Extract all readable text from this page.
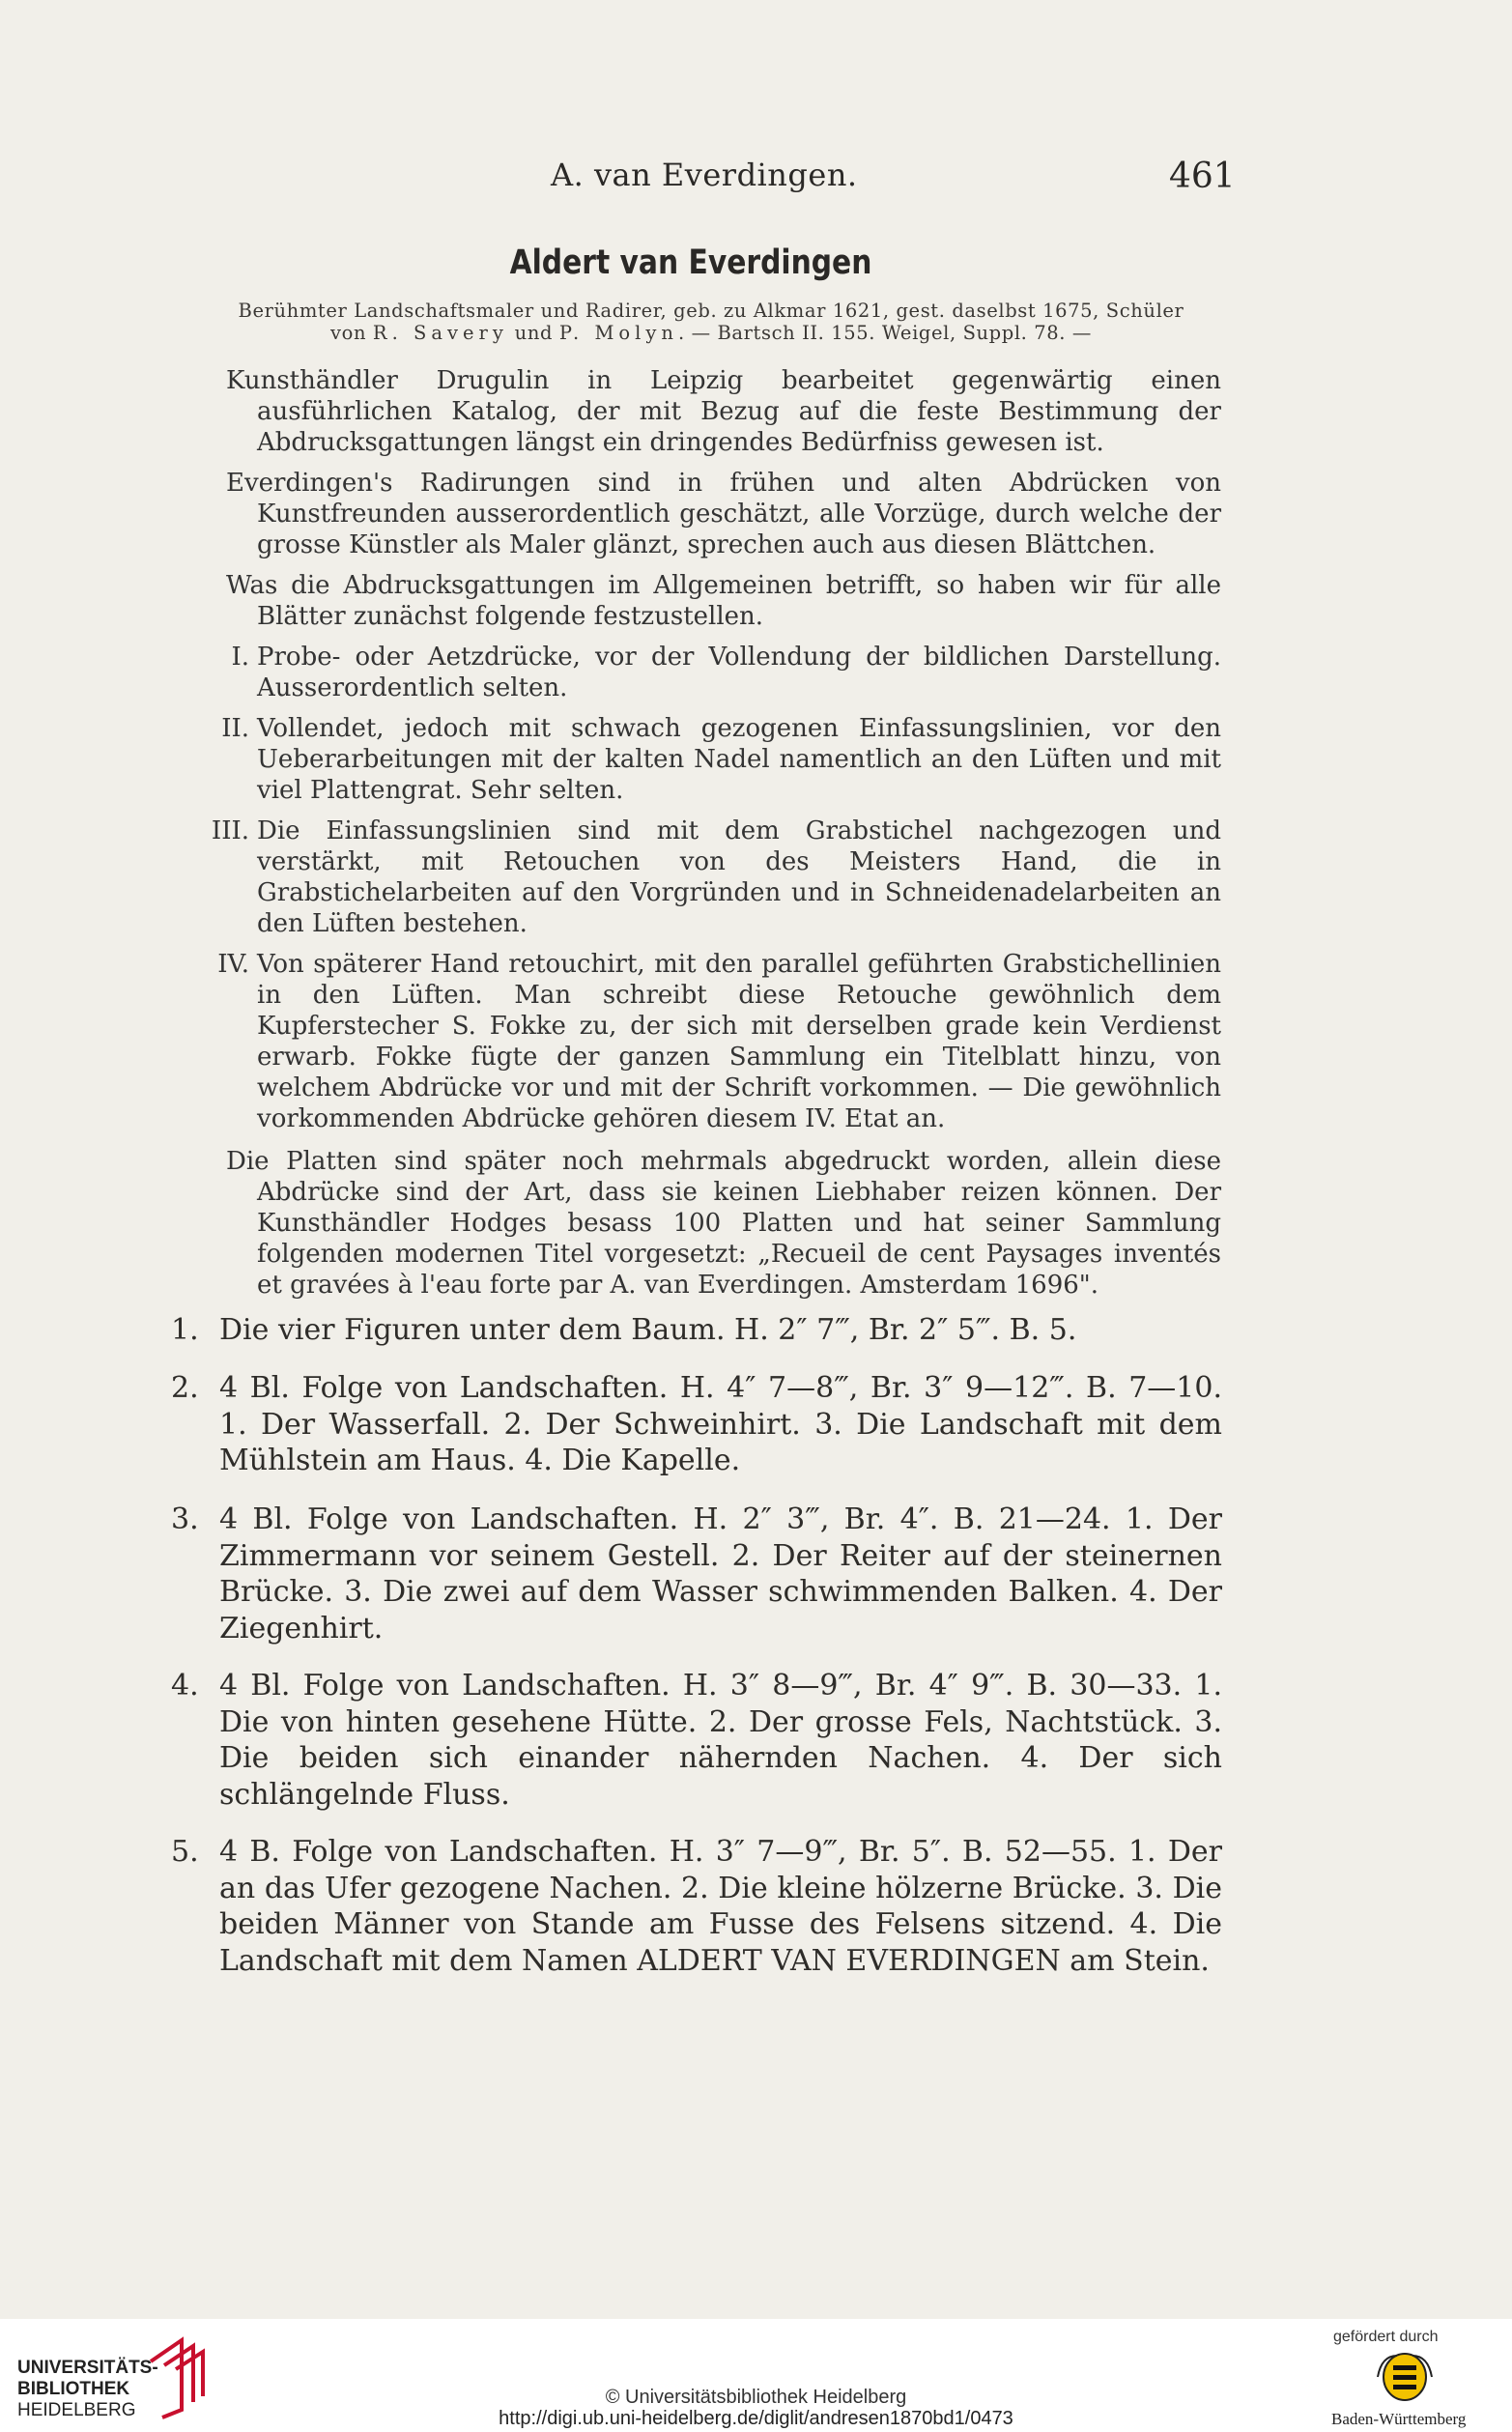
A. van Everdingen.	461
Aldert van Everdingen
Berühmter Landschaftsmaler und Radirer, geb. zu Alkmar 1621, gest. daselbst 1675, Schüler
von R. Savery und P. Molyn. — Bartsch II. 155. Weigel, Suppl. 78. —
Kunsthändler Drugulin in Leipzig bearbeitet gegenwärtig einen ausführlichen Katalog, der mit Bezug auf die feste Bestimmung der Abdrucksgattungen längst ein dringendes Bedürfniss gewesen ist.
Everdingen's Radirungen sind in frühen und alten Abdrücken von Kunstfreunden ausserordentlich geschätzt, alle Vorzüge, durch welche der grosse Künstler als Maler glänzt, sprechen auch aus diesen Blättchen.
Was die Abdrucksgattungen im Allgemeinen betrifft, so haben wir für alle Blätter zunächst folgende festzustellen.
I. Probe- oder Aetzdrücke, vor der Vollendung der bildlichen Darstellung. Ausserordentlich selten.
II. Vollendet, jedoch mit schwach gezogenen Einfassungslinien, vor den Ueberarbeitungen mit der kalten Nadel namentlich an den Lüften und mit viel Plattengrat. Sehr selten.
III. Die Einfassungslinien sind mit dem Grabstichel nachgezogen und verstärkt, mit Retouchen von des Meisters Hand, die in Grabstichelarbeiten auf den Vorgründen und in Schneidenadelarbeiten an den Lüften bestehen.
IV. Von späterer Hand retouchirt, mit den parallel geführten Grabstichellinien in den Lüften. Man schreibt diese Retouche gewöhnlich dem Kupferstecher S. Fokke zu, der sich mit derselben grade kein Verdienst erwarb. Fokke fügte der ganzen Sammlung ein Titelblatt hinzu, von welchem Abdrücke vor und mit der Schrift vorkommen. — Die gewöhnlich vorkommenden Abdrücke gehören diesem IV. Etat an.
Die Platten sind später noch mehrmals abgedruckt worden, allein diese Abdrücke sind der Art, dass sie keinen Liebhaber reizen können. Der Kunsthändler Hodges besass 100 Platten und hat seiner Sammlung folgenden modernen Titel vorgesetzt: „Recueil de cent Paysages inventés et gravées à l'eau forte par A. van Everdingen. Amsterdam 1696".
1. Die vier Figuren unter dem Baum. H. 2″ 7‴, Br. 2″ 5‴. B. 5.
2. 4 Bl. Folge von Landschaften. H. 4″ 7—8‴, Br. 3″ 9—12‴. B. 7—10. 1. Der Wasserfall. 2. Der Schweinhirt. 3. Die Landschaft mit dem Mühlstein am Haus. 4. Die Kapelle.
3. 4 Bl. Folge von Landschaften. H. 2″ 3‴, Br. 4″. B. 21—24. 1. Der Zimmermann vor seinem Gestell. 2. Der Reiter auf der steinernen Brücke. 3. Die zwei auf dem Wasser schwimmenden Balken. 4. Der Ziegenhirt.
4. 4 Bl. Folge von Landschaften. H. 3″ 8—9‴, Br. 4″ 9‴. B. 30—33. 1. Die von hinten gesehene Hütte. 2. Der grosse Fels, Nachtstück. 3. Die beiden sich einander nähernden Nachen. 4. Der sich schlängelnde Fluss.
5. 4 B. Folge von Landschaften. H. 3″ 7—9‴, Br. 5″. B. 52—55. 1. Der an das Ufer gezogene Nachen. 2. Die kleine hölzerne Brücke. 3. Die beiden Männer von Stande am Fusse des Felsens sitzend. 4. Die Landschaft mit dem Namen ALDERT VAN EVERDINGEN am Stein.
UNIVERSITÄTS-
BIBLIOTHEK
HEIDELBERG
© Universitätsbibliothek Heidelberg
http://digi.ub.uni-heidelberg.de/diglit/andresen1870bd1/0473
gefördert durch
Baden-Württemberg
